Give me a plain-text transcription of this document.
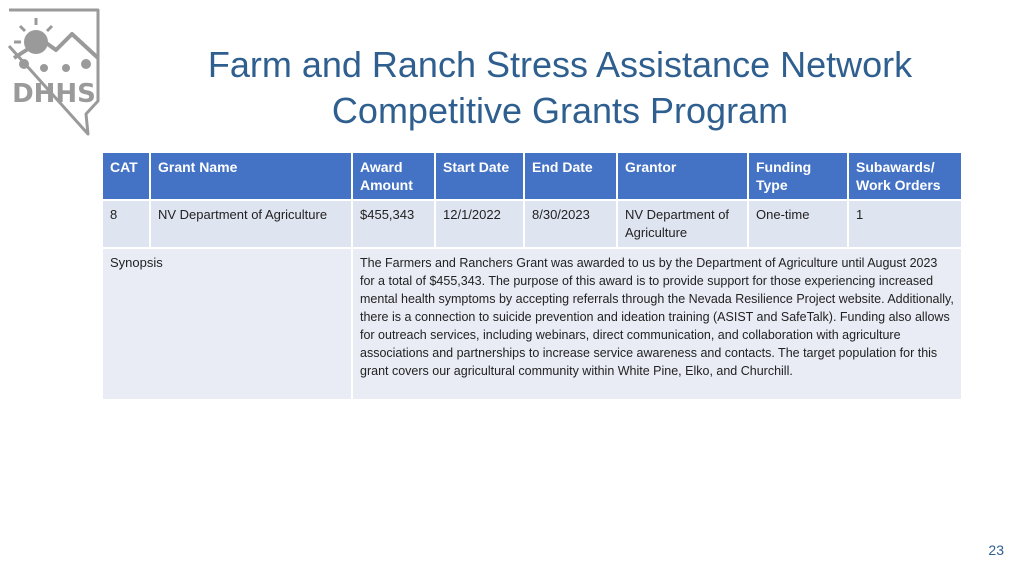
DHHS
Farm and Ranch Stress Assistance Network
Competitive Grants Program
CAT	Grant Name	Award Amount	Start Date	End Date	Grantor	Funding Type	Subawards/ Work Orders
8	NV Department of Agriculture	$455,343	12/1/2022	8/30/2023	NV Department of Agriculture	One-time	1
Synopsis		The Farmers and Ranchers Grant was awarded to us by the Department of Agriculture until August 2023 for a total of $455,343. The purpose of this award is to provide support for those experiencing increased mental health symptoms by accepting referrals through the Nevada Resilience Project website. Additionally, there is a connection to suicide prevention and ideation training (ASIST and SafeTalk). Funding also allows for outreach services, including webinars, direct communication, and collaboration with agriculture associations and partnerships to increase service awareness and contacts. The target population for this grant covers our agricultural community within White Pine, Elko, and Churchill.					
23
